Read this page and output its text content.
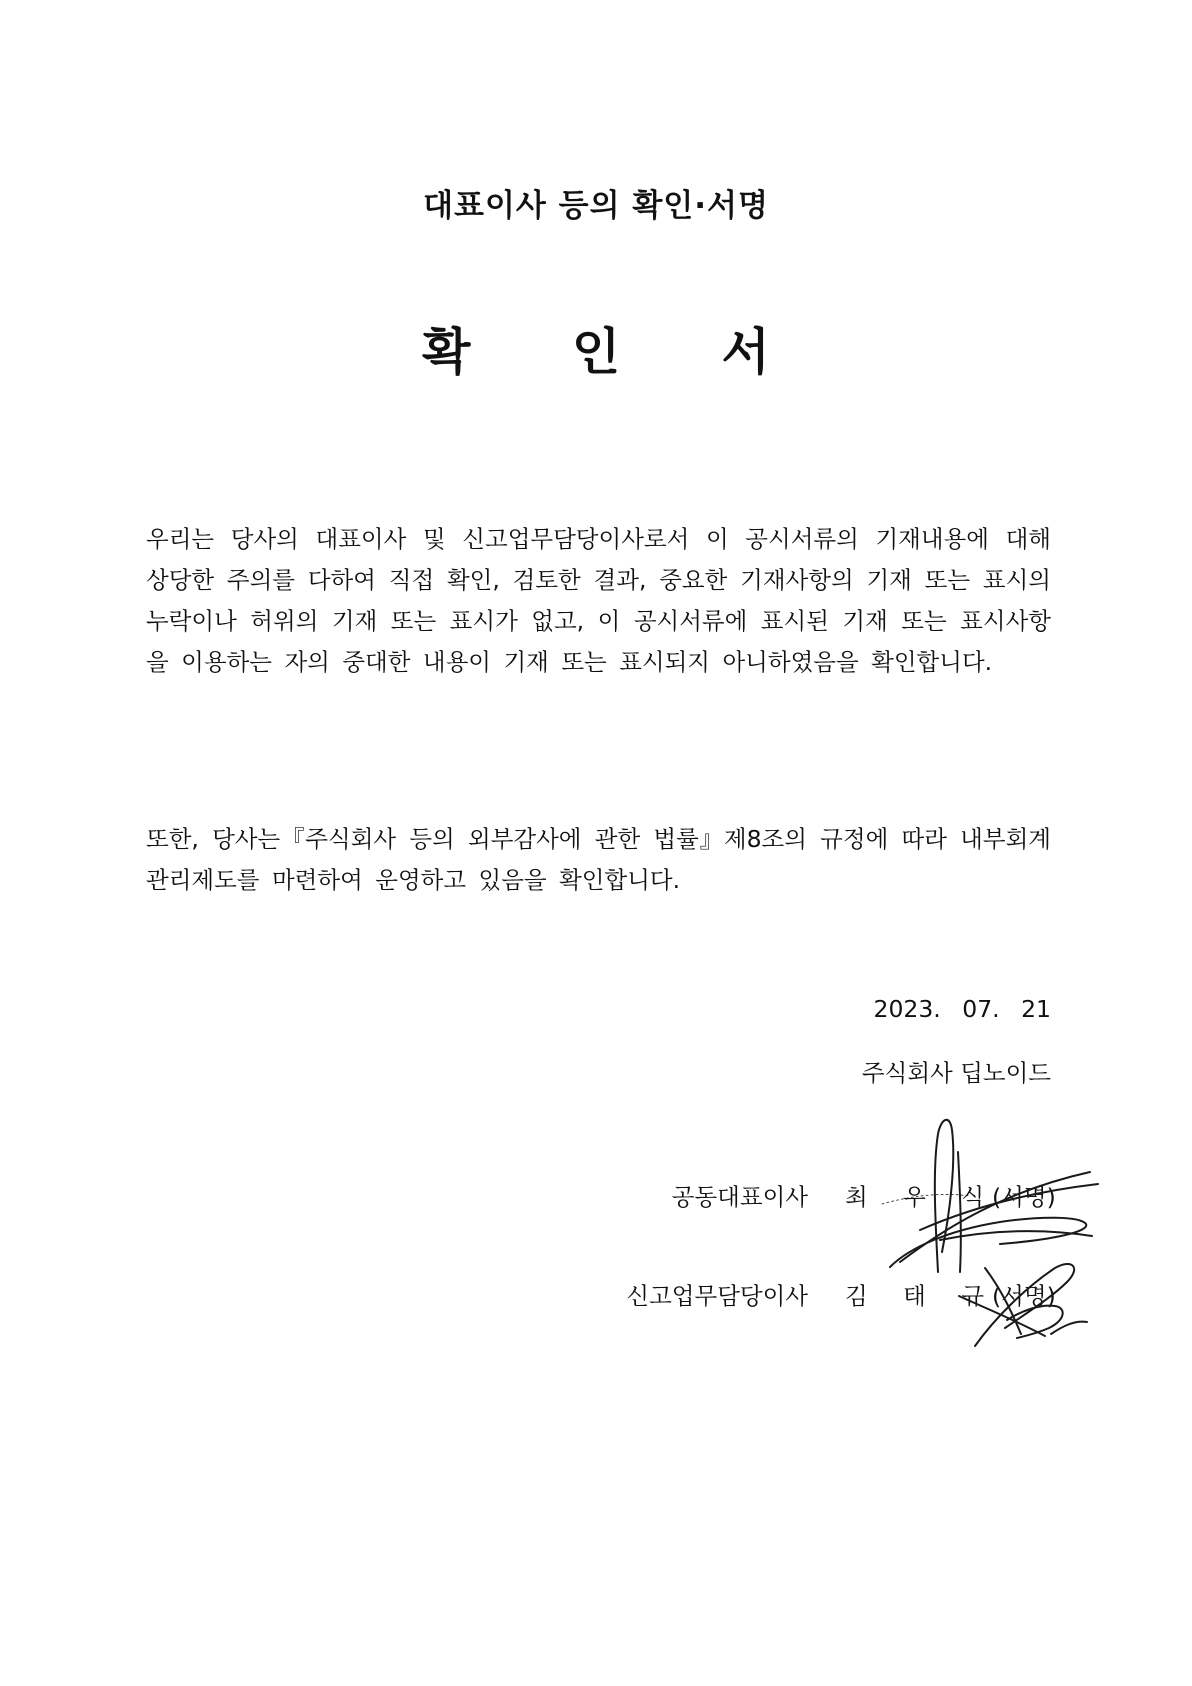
대표이사 등의 확인·서명
확 인 서
우리는 당사의 대표이사 및 신고업무담당이사로서 이 공시서류의 기재내용에 대해 상당한 주의를 다하여 직접 확인, 검토한 결과, 중요한 기재사항의 기재 또는 표시의 누락이나 허위의 기재 또는 표시가 없고, 이 공시서류에 표시된 기재 또는 표시사항을 이용하는 자의 중대한 내용이 기재 또는 표시되지 아니하였음을 확인합니다.
또한, 당사는『주식회사 등의 외부감사에 관한 법률』제8조의 규정에 따라 내부회계관리제도를 마련하여 운영하고 있음을 확인합니다.
2023. 07. 21
주식회사 딥노이드
공동대표이사 최 우 식
(서명)
신고업무담당이사 김 태 규
(서명)
